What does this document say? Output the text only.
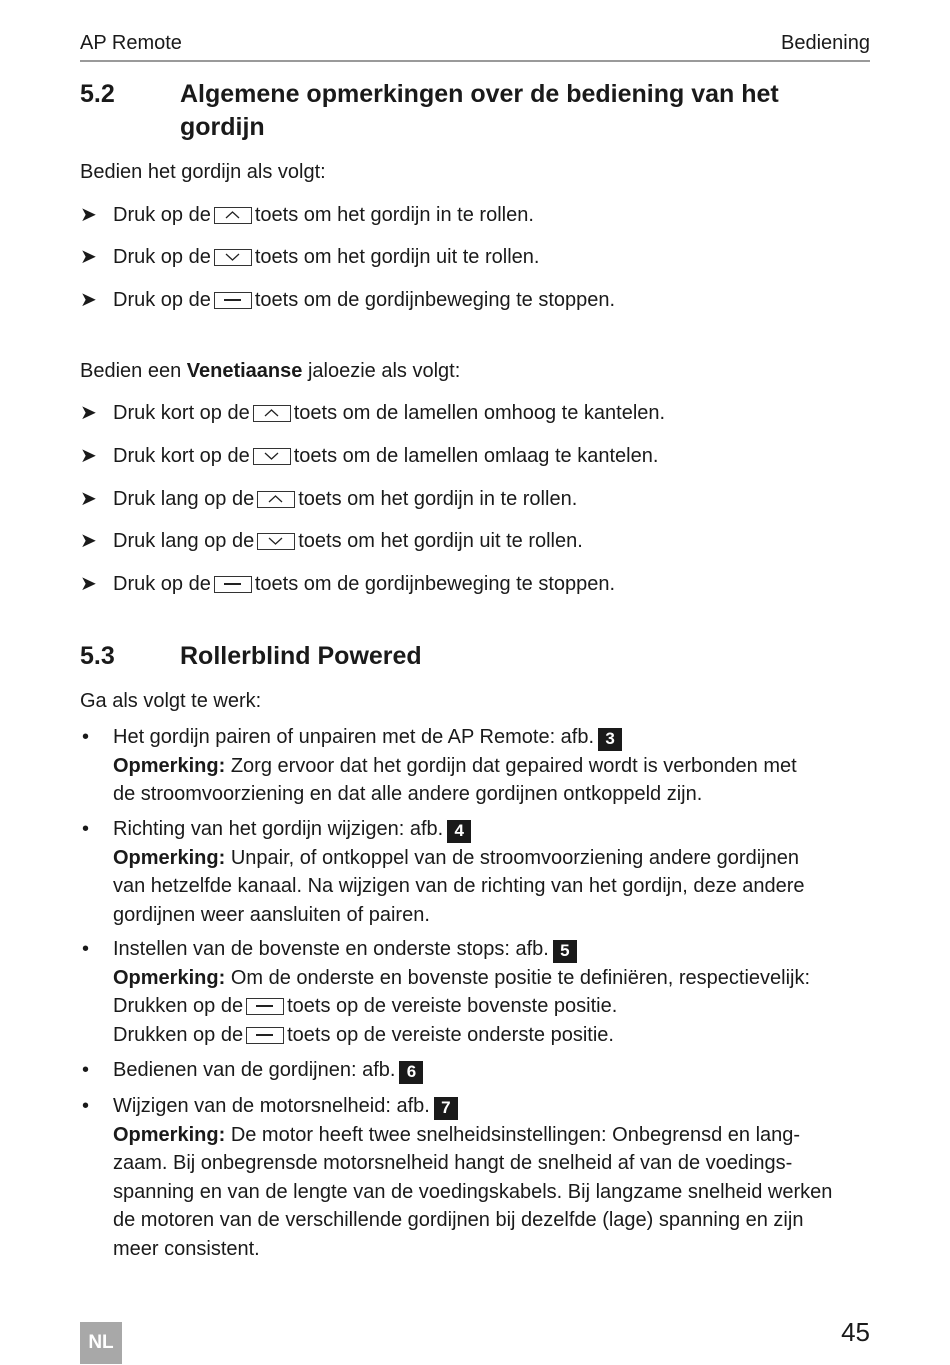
AP Remote	Bediening
5.2	Algemene opmerkingen over de bediening van het gordijn
Bedien het gordijn als volgt:
➤ Druk op de toets om het gordijn in te rollen.
➤ Druk op de toets om het gordijn uit te rollen.
➤ Druk op de toets om de gordijnbeweging te stoppen.
Bedien een Venetiaanse jaloezie als volgt:
➤ Druk kort op de toets om de lamellen omhoog te kantelen.
➤ Druk kort op de toets om de lamellen omlaag te kantelen.
➤ Druk lang op de toets om het gordijn in te rollen.
➤ Druk lang op de toets om het gordijn uit te rollen.
➤ Druk op de toets om de gordijnbeweging te stoppen.
5.3	Rollerblind Powered
Ga als volgt te werk:
• Het gordijn pairen of unpairen met de AP Remote: afb. 3
Opmerking: Zorg ervoor dat het gordijn dat gepaired wordt is verbonden met
de stroomvoorziening en dat alle andere gordijnen ontkoppeld zijn.
• Richting van het gordijn wijzigen: afb. 4
Opmerking: Unpair, of ontkoppel van de stroomvoorziening andere gordijnen
van hetzelfde kanaal. Na wijzigen van de richting van het gordijn, deze andere
gordijnen weer aansluiten of pairen.
• Instellen van de bovenste en onderste stops: afb. 5
Opmerking: Om de onderste en bovenste positie te definiëren, respectievelijk:
Drukken op de toets op de vereiste bovenste positie.
Drukken op de toets op de vereiste onderste positie.
• Bedienen van de gordijnen: afb. 6
• Wijzigen van de motorsnelheid: afb. 7
Opmerking: De motor heeft twee snelheidsinstellingen: Onbegrensd en lang-
zaam. Bij onbegrensde motorsnelheid hangt de snelheid af van de voedings-
spanning en van de lengte van de voedingskabels. Bij langzame snelheid werken
de motoren van de verschillende gordijnen bij dezelfde (lage) spanning en zijn
meer consistent.
NL	45
